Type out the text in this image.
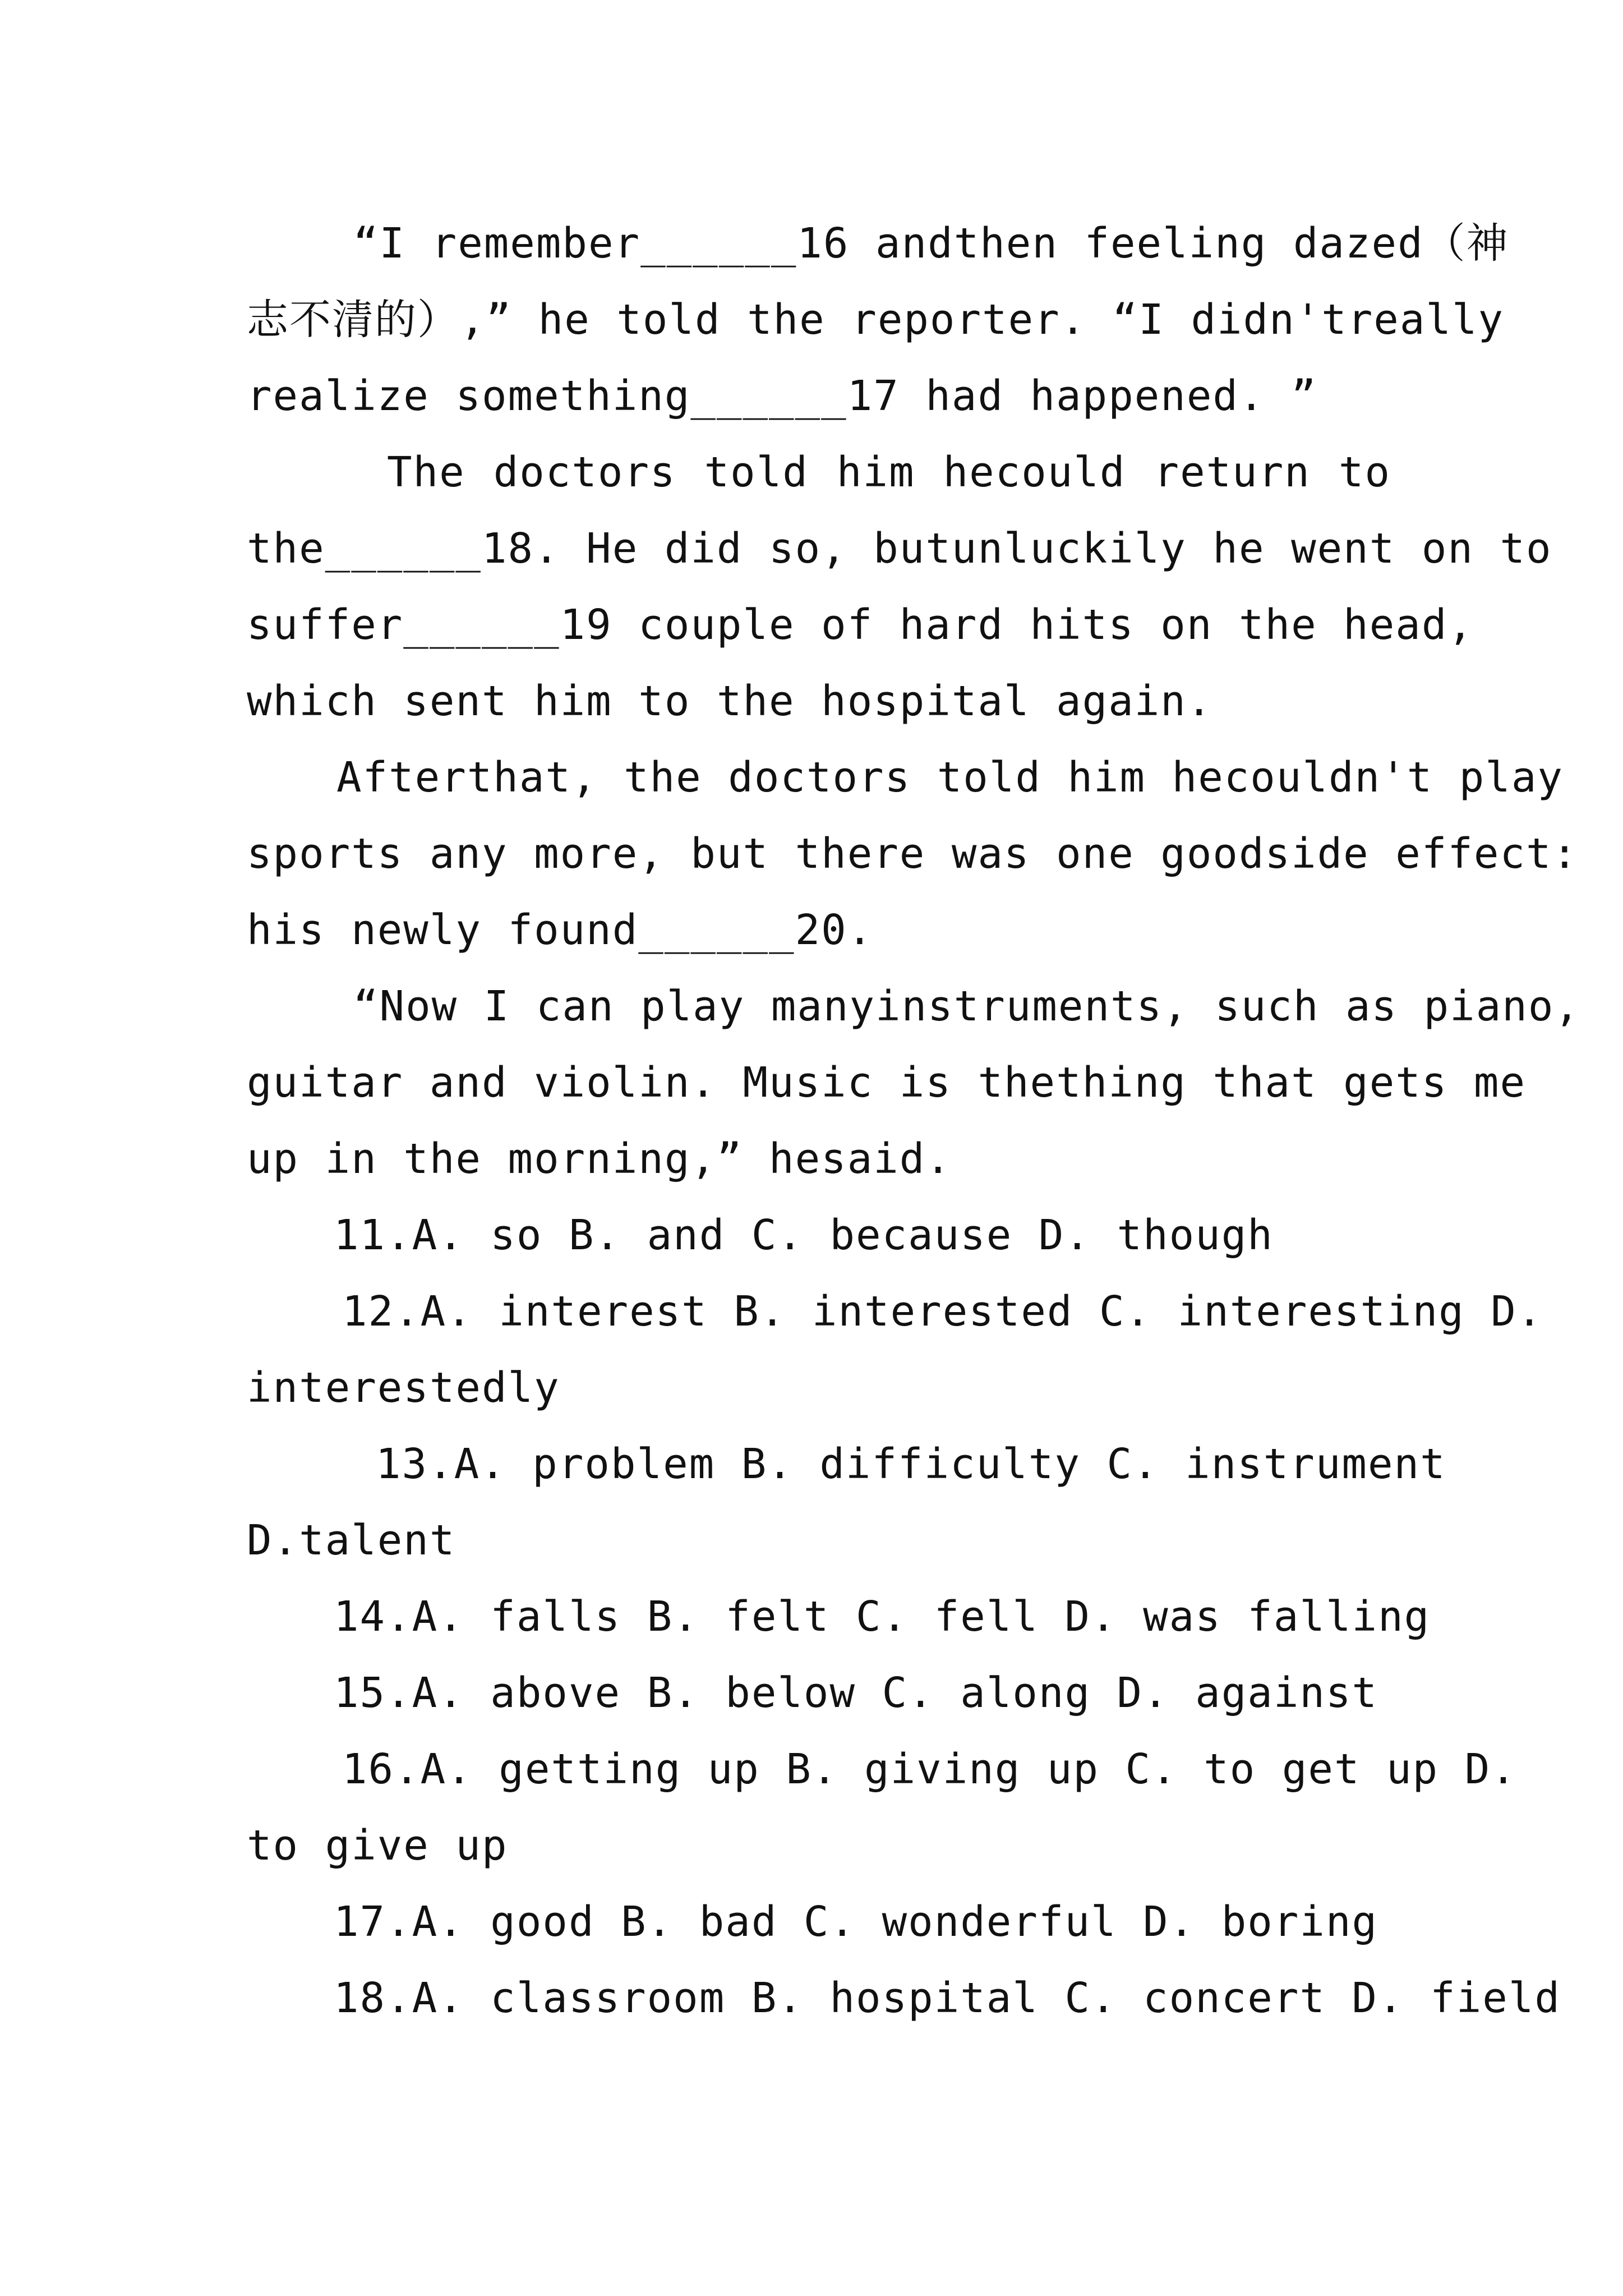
“I remember______16 andthen feeling dazed（神

志不清的）,” he told the reporter. “I didn'treally

realize something______17 had happened. ”

The doctors told him hecould return to

the______18. He did so, butunluckily he went on to

suffer______19 couple of hard hits on the head,

which sent him to the hospital again.

Afterthat, the doctors told him hecouldn't play

sports any more, but there was one goodside effect:

his newly found______20.

“Now I can play manyinstruments, such as piano,

guitar and violin. Music is thething that gets me

up in the morning,” hesaid.

11.A. so B. and C. because D. though

12.A. interest B. interested C. interesting D.

interestedly

13.A. problem B. difficulty C. instrument

D.talent

14.A. falls B. felt C. fell D. was falling

15.A. above B. below C. along D. against

16.A. getting up B. giving up C. to get up D.

to give up

17.A. good B. bad C. wonderful D. boring

18.A. classroom B. hospital C. concert D. field
